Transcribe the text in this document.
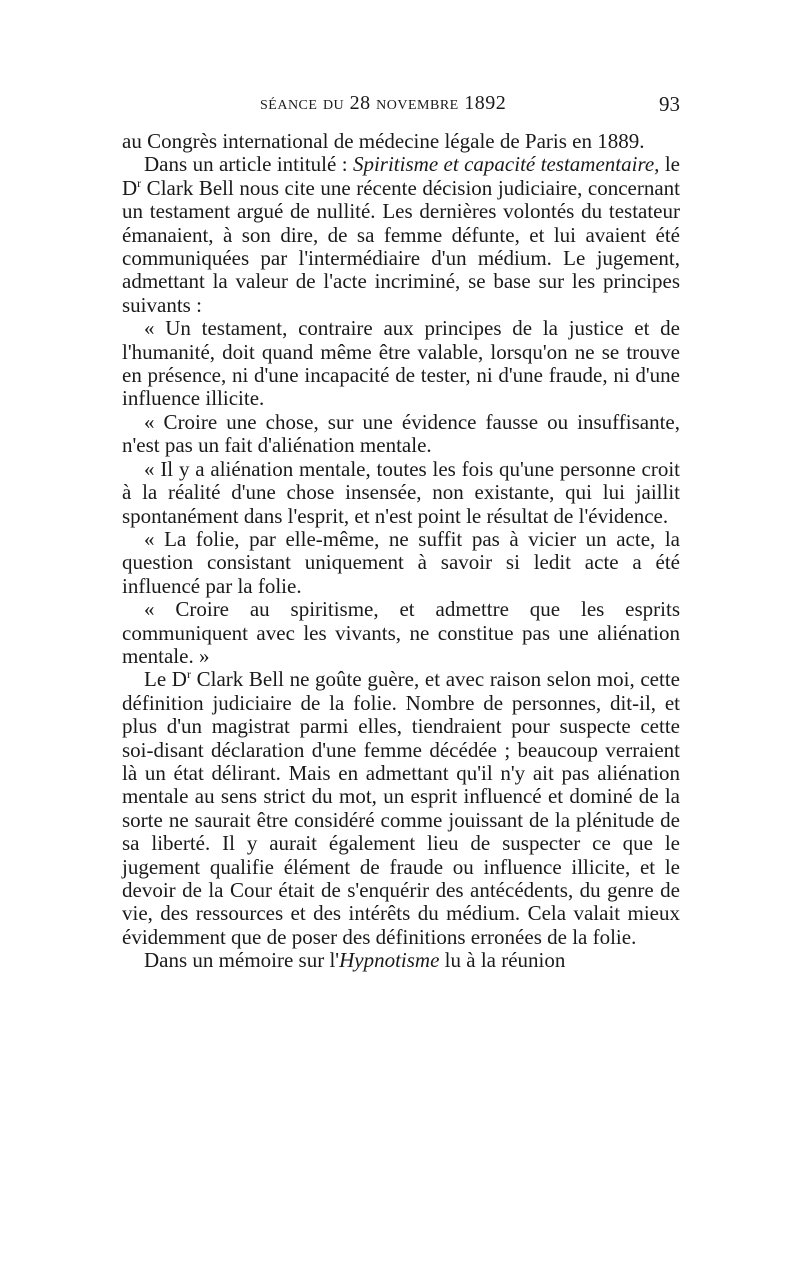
séance du 28 novembre 1892	93

au Congrès international de médecine légale de Paris en 1889.

Dans un article intitulé : Spiritisme et capacité testamentaire, le $D^r$ Clark Bell nous cite une récente décision judiciaire, concernant un testament argué de nullité. Les dernières volontés du testateur émanaient, à son dire, de sa femme défunte, et lui avaient été communiquées par l'intermédiaire d'un médium. Le jugement, admettant la valeur de l'acte incriminé, se base sur les principes suivants :

« Un testament, contraire aux principes de la justice et de l'humanité, doit quand même être valable, lorsqu'on ne se trouve en présence, ni d'une incapacité de tester, ni d'une fraude, ni d'une influence illicite.

« Croire une chose, sur une évidence fausse ou insuffisante, n'est pas un fait d'aliénation mentale.

« Il y a aliénation mentale, toutes les fois qu'une personne croit à la réalité d'une chose insensée, non existante, qui lui jaillit spontanément dans l'esprit, et n'est point le résultat de l'évidence.

« La folie, par elle-même, ne suffit pas à vicier un acte, la question consistant uniquement à savoir si ledit acte a été influencé par la folie.

« Croire au spiritisme, et admettre que les esprits communiquent avec les vivants, ne constitue pas une aliénation mentale. »

Le $D^r$ Clark Bell ne goûte guère, et avec raison selon moi, cette définition judiciaire de la folie. Nombre de personnes, dit-il, et plus d'un magistrat parmi elles, tiendraient pour suspecte cette soi-disant déclaration d'une femme décédée ; beaucoup verraient là un état délirant. Mais en admettant qu'il n'y ait pas aliénation mentale au sens strict du mot, un esprit influencé et dominé de la sorte ne saurait être considéré comme jouissant de la plénitude de sa liberté. Il y aurait également lieu de suspecter ce que le jugement qualifie élément de fraude ou influence illicite, et le devoir de la Cour était de s'enquérir des antécédents, du genre de vie, des ressources et des intérêts du médium. Cela valait mieux évidemment que de poser des définitions erronées de la folie.

Dans un mémoire sur l'Hypnotisme lu à la réunion
